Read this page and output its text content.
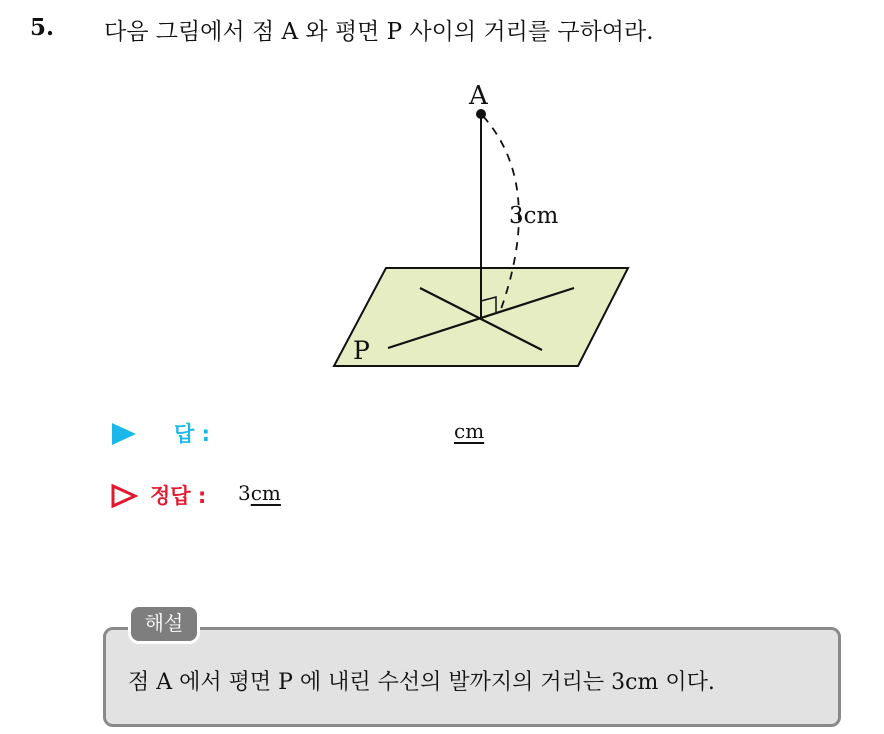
5. 다음 그림에서 점 A 와 평면 P 사이의 거리를 구하여라.
A
3cm
P
답 :	cm
정답 : 3cm
해설
점 A 에서 평면 P 에 내린 수선의 발까지의 거리는 3cm 이다.
